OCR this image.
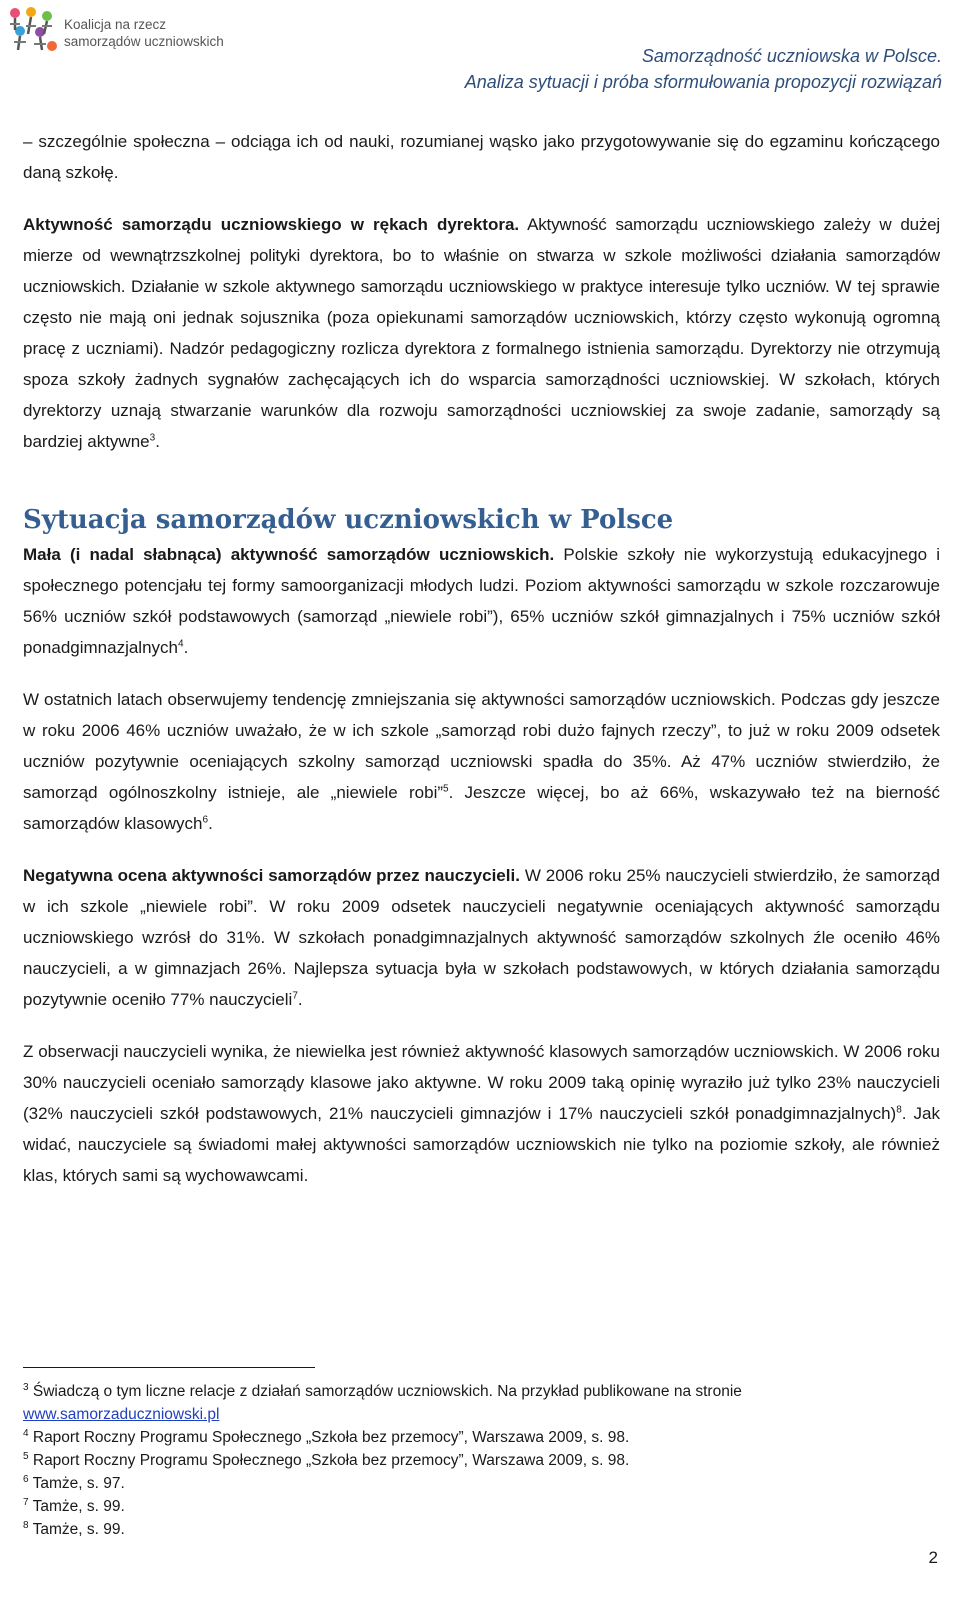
Koalicja na rzecz
samorządów uczniowskich
Samorządność uczniowska w Polsce.
Analiza sytuacji i próba sformułowania propozycji rozwiązań

– szczególnie społeczna – odciąga ich od nauki, rozumianej wąsko jako przygotowywanie się do egzaminu kończącego daną szkołę.

Aktywność samorządu uczniowskiego w rękach dyrektora. Aktywność samorządu uczniowskiego zależy w dużej mierze od wewnątrzszkolnej polityki dyrektora, bo to właśnie on stwarza w szkole możliwości działania samorządów uczniowskich. Działanie w szkole aktywnego samorządu uczniowskiego w praktyce interesuje tylko uczniów. W tej sprawie często nie mają oni jednak sojusznika (poza opiekunami samorządów uczniowskich, którzy często wykonują ogromną pracę z uczniami). Nadzór pedagogiczny rozlicza dyrektora z formalnego istnienia samorządu. Dyrektorzy nie otrzymują spoza szkoły żadnych sygnałów zachęcających ich do wsparcia samorządności uczniowskiej. W szkołach, których dyrektorzy uznają stwarzanie warunków dla rozwoju samorządności uczniowskiej za swoje zadanie, samorządy są bardziej aktywne$^3$.

Sytuacja samorządów uczniowskich w Polsce

Mała (i nadal słabnąca) aktywność samorządów uczniowskich. Polskie szkoły nie wykorzystują edukacyjnego i społecznego potencjału tej formy samoorganizacji młodych ludzi. Poziom aktywności samorządu w szkole rozczarowuje 56% uczniów szkół podstawowych (samorząd „niewiele robi”), 65% uczniów szkół gimnazjalnych i 75% uczniów szkół ponadgimnazjalnych$^4$.

W ostatnich latach obserwujemy tendencję zmniejszania się aktywności samorządów uczniowskich. Podczas gdy jeszcze w roku 2006 46% uczniów uważało, że w ich szkole „samorząd robi dużo fajnych rzeczy”, to już w roku 2009 odsetek uczniów pozytywnie oceniających szkolny samorząd uczniowski spadła do 35%. Aż 47% uczniów stwierdziło, że samorząd ogólnoszkolny istnieje, ale „niewiele robi”$^5$. Jeszcze więcej, bo aż 66%, wskazywało też na bierność samorządów klasowych$^6$.

Negatywna ocena aktywności samorządów przez nauczycieli. W 2006 roku 25% nauczycieli stwierdziło, że samorząd w ich szkole „niewiele robi”. W roku 2009 odsetek nauczycieli negatywnie oceniających aktywność samorządu uczniowskiego wzrósł do 31%. W szkołach ponadgimnazjalnych aktywność samorządów szkolnych źle oceniło 46% nauczycieli, a w gimnazjach 26%. Najlepsza sytuacja była w szkołach podstawowych, w których działania samorządu pozytywnie oceniło 77% nauczycieli$^7$.

Z obserwacji nauczycieli wynika, że niewielka jest również aktywność klasowych samorządów uczniowskich. W 2006 roku 30% nauczycieli oceniało samorządy klasowe jako aktywne. W roku 2009 taką opinię wyraziło już tylko 23% nauczycieli (32% nauczycieli szkół podstawowych, 21% nauczycieli gimnazjów i 17% nauczycieli szkół ponadgimnazjalnych)$^8$. Jak widać, nauczyciele są świadomi małej aktywności samorządów uczniowskich nie tylko na poziomie szkoły, ale również klas, których sami są wychowawcami.

$^3$ Świadczą o tym liczne relacje z działań samorządów uczniowskich. Na przykład publikowane na stronie
www.samorzaduczniowski.pl
$^4$ Raport Roczny Programu Społecznego „Szkoła bez przemocy”, Warszawa 2009, s. 98.
$^5$ Raport Roczny Programu Społecznego „Szkoła bez przemocy”, Warszawa 2009, s. 98.
$^6$ Tamże, s. 97.
$^7$ Tamże, s. 99.
$^8$ Tamże, s. 99.
2
